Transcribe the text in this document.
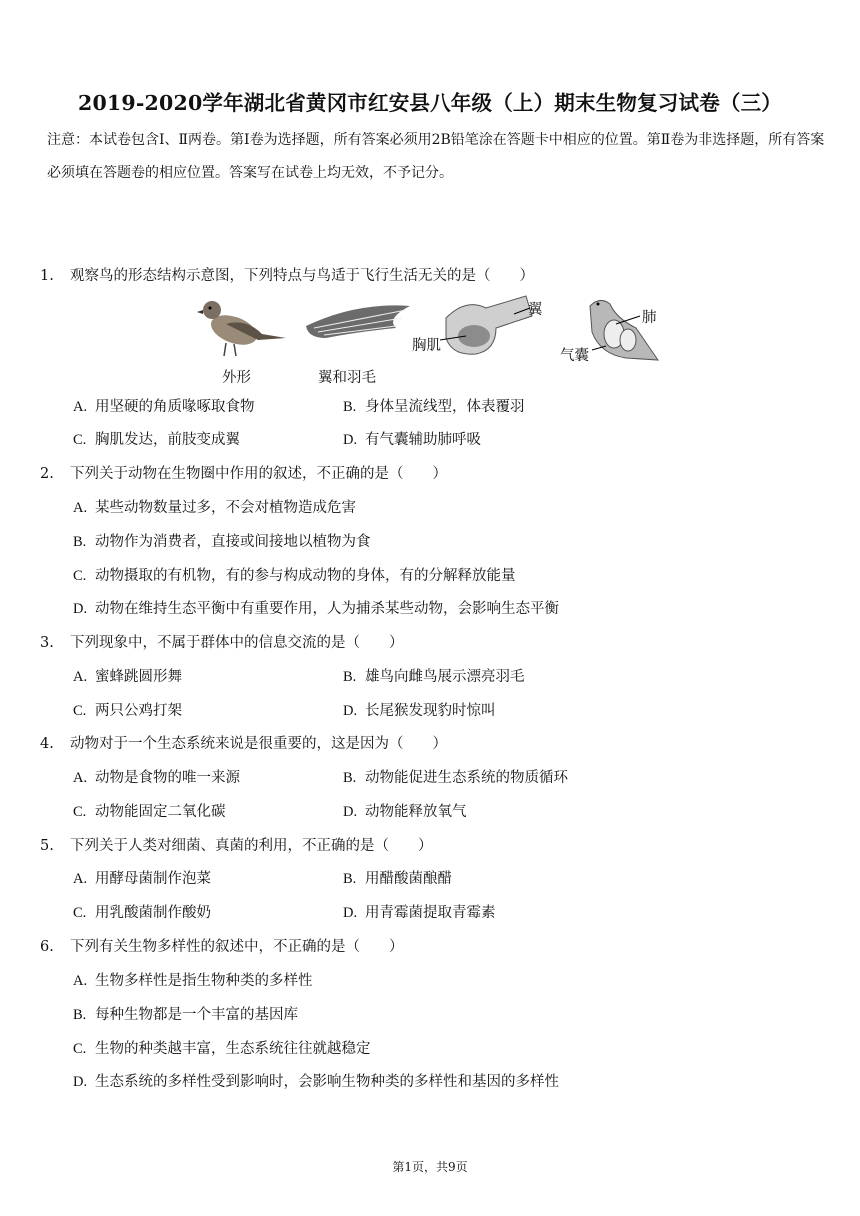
2019-2020学年湖北省黄冈市红安县八年级（上）期末生物复习试卷（三）
注意：本试卷包含Ⅰ、Ⅱ两卷。第Ⅰ卷为选择题，所有答案必须用2B铅笔涂在答题卡中相应的位置。第Ⅱ卷为非选择题，所有答案必须填在答题卷的相应位置。答案写在试卷上均无效，不予记分。
1. 观察鸟的形态结构示意图，下列特点与鸟适于飞行生活无关的是（　　）
外形	翼和羽毛
胸肌
翼	肺
气囊
A. 用坚硬的角质喙啄取食物	B. 身体呈流线型，体表覆羽
C. 胸肌发达，前肢变成翼	D. 有气囊辅助肺呼吸
2. 下列关于动物在生物圈中作用的叙述，不正确的是（　　）
A. 某些动物数量过多，不会对植物造成危害
B. 动物作为消费者，直接或间接地以植物为食
C. 动物摄取的有机物，有的参与构成动物的身体，有的分解释放能量
D. 动物在维持生态平衡中有重要作用，人为捕杀某些动物，会影响生态平衡
3. 下列现象中，不属于群体中的信息交流的是（　　）
A. 蜜蜂跳圆形舞	B. 雄鸟向雌鸟展示漂亮羽毛
C. 两只公鸡打架	D. 长尾猴发现豹时惊叫
4. 动物对于一个生态系统来说是很重要的，这是因为（　　）
A. 动物是食物的唯一来源	B. 动物能促进生态系统的物质循环
C. 动物能固定二氧化碳	D. 动物能释放氧气
5. 下列关于人类对细菌、真菌的利用，不正确的是（　　）
A. 用酵母菌制作泡菜	B. 用醋酸菌酿醋
C. 用乳酸菌制作酸奶	D. 用青霉菌提取青霉素
6. 下列有关生物多样性的叙述中，不正确的是（　　）
A. 生物多样性是指生物种类的多样性
B. 每种生物都是一个丰富的基因库
C. 生物的种类越丰富，生态系统往往就越稳定
D. 生态系统的多样性受到影响时，会影响生物种类的多样性和基因的多样性
第1页，共9页
